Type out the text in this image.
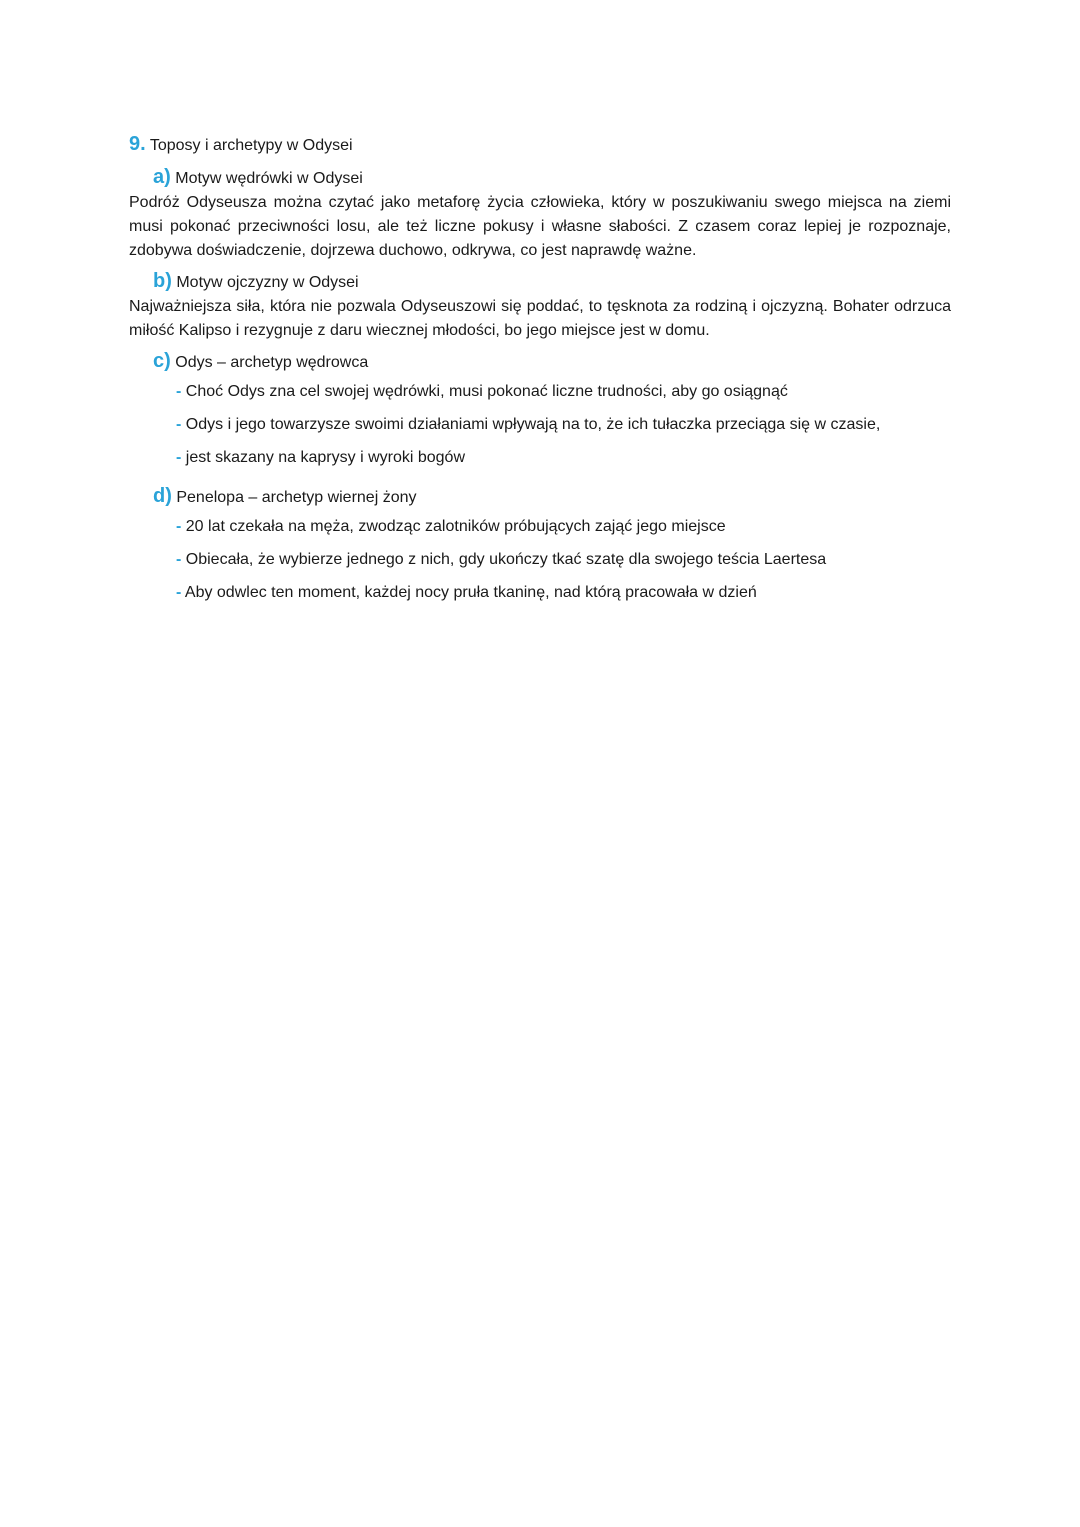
9. Toposy i archetypy w Odysei
a) Motyw wędrówki w Odysei

Podróż Odyseusza można czytać jako metaforę życia człowieka, który w poszukiwaniu swego miejsca na ziemi musi pokonać przeciwności losu, ale też liczne pokusy i własne słabości. Z czasem coraz lepiej je rozpoznaje, zdobywa doświadczenie, dojrzewa duchowo, odkrywa, co jest naprawdę ważne.

b) Motyw ojczyzny w Odysei

Najważniejsza siła, która nie pozwala Odyseuszowi się poddać, to tęsknota za rodziną i ojczyzną. Bohater odrzuca miłość Kalipso i rezygnuje z daru wiecznej młodości, bo jego miejsce jest w domu.

c) Odys – archetyp wędrowca
- Choć Odys zna cel swojej wędrówki, musi pokonać liczne trudności, aby go osiągnąć
- Odys i jego towarzysze swoimi działaniami wpływają na to, że ich tułaczka przeciąga się w czasie,
- jest skazany na kaprysy i wyroki bogów
d) Penelopa – archetyp wiernej żony
- 20 lat czekała na męża, zwodząc zalotników próbujących zająć jego miejsce
- Obiecała, że wybierze jednego z nich, gdy ukończy tkać szatę dla swojego teścia Laertesa
- Aby odwlec ten moment, każdej nocy pruła tkaninę, nad którą pracowała w dzień
